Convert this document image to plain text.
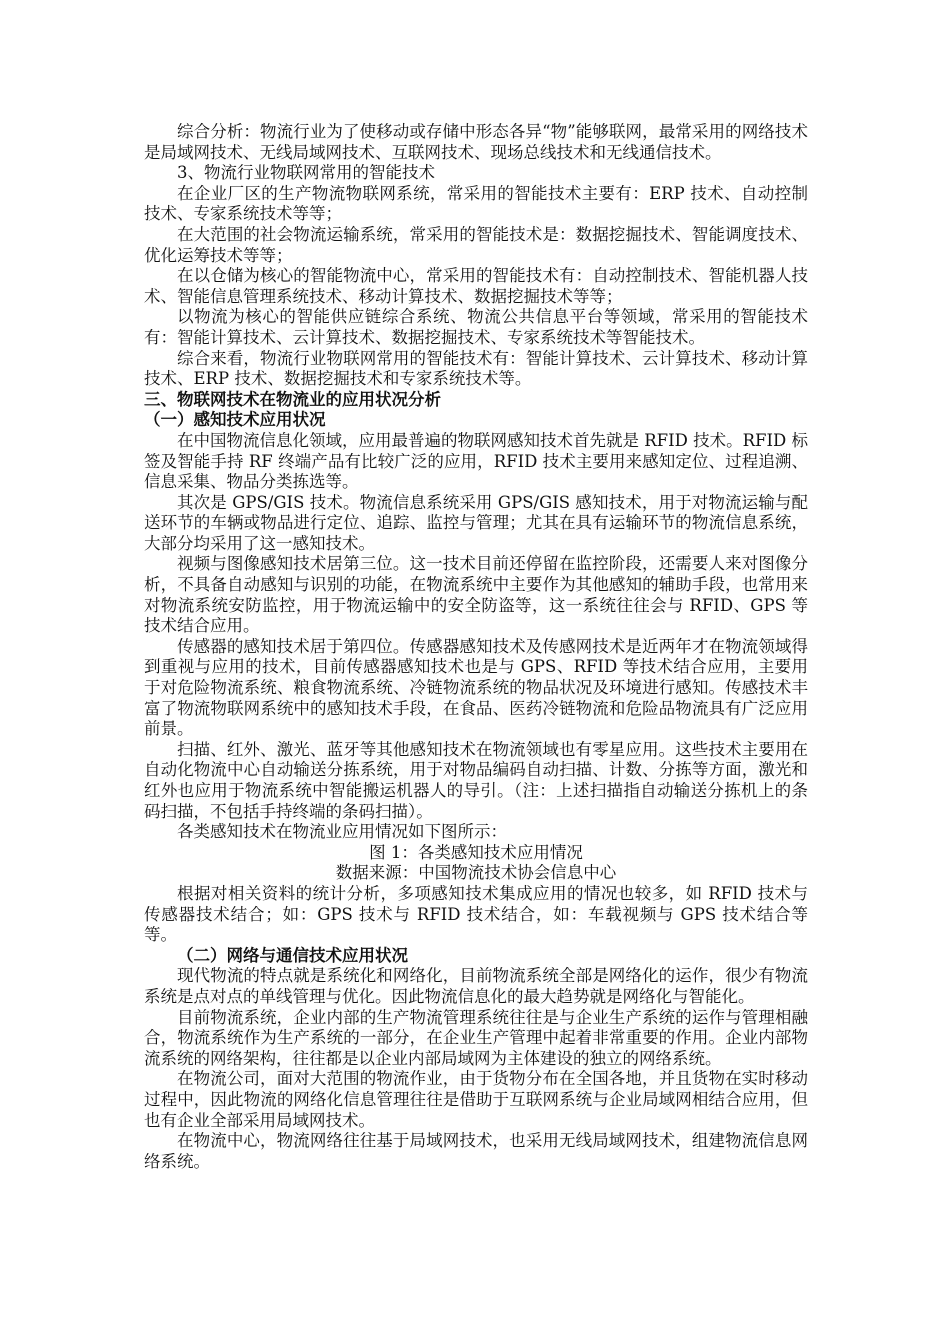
综合分析：物流行业为了使移动或存储中形态各异“物”能够联网，最常采用的网络技术是局域网技术、无线局域网技术、互联网技术、现场总线技术和无线通信技术。

3、物流行业物联网常用的智能技术

在企业厂区的生产物流物联网系统，常采用的智能技术主要有：ERP 技术、自动控制技术、专家系统技术等等；

在大范围的社会物流运输系统，常采用的智能技术是：数据挖掘技术、智能调度技术、优化运筹技术等等；

在以仓储为核心的智能物流中心，常采用的智能技术有：自动控制技术、智能机器人技术、智能信息管理系统技术、移动计算技术、数据挖掘技术等等；

以物流为核心的智能供应链综合系统、物流公共信息平台等领域，常采用的智能技术有：智能计算技术、云计算技术、数据挖掘技术、专家系统技术等智能技术。

综合来看，物流行业物联网常用的智能技术有：智能计算技术、云计算技术、移动计算技术、ERP 技术、数据挖掘技术和专家系统技术等。

三、物联网技术在物流业的应用状况分析

（一）感知技术应用状况

在中国物流信息化领域，应用最普遍的物联网感知技术首先就是 RFID 技术。RFID 标签及智能手持 RF 终端产品有比较广泛的应用，RFID 技术主要用来感知定位、过程追溯、信息采集、物品分类拣选等。

其次是 GPS/GIS 技术。物流信息系统采用 GPS/GIS 感知技术，用于对物流运输与配送环节的车辆或物品进行定位、追踪、监控与管理；尤其在具有运输环节的物流信息系统，大部分均采用了这一感知技术。

视频与图像感知技术居第三位。这一技术目前还停留在监控阶段，还需要人来对图像分析，不具备自动感知与识别的功能，在物流系统中主要作为其他感知的辅助手段，也常用来对物流系统安防监控，用于物流运输中的安全防盗等，这一系统往往会与 RFID、GPS 等技术结合应用。

传感器的感知技术居于第四位。传感器感知技术及传感网技术是近两年才在物流领域得到重视与应用的技术，目前传感器感知技术也是与 GPS、RFID 等技术结合应用，主要用于对危险物流系统、粮食物流系统、冷链物流系统的物品状况及环境进行感知。传感技术丰富了物流物联网系统中的感知技术手段，在食品、医药冷链物流和危险品物流具有广泛应用前景。

扫描、红外、激光、蓝牙等其他感知技术在物流领域也有零星应用。这些技术主要用在自动化物流中心自动输送分拣系统，用于对物品编码自动扫描、计数、分拣等方面，激光和红外也应用于物流系统中智能搬运机器人的导引。（注：上述扫描指自动输送分拣机上的条码扫描，不包括手持终端的条码扫描）。

各类感知技术在物流业应用情况如下图所示：

图 1：各类感知技术应用情况

数据来源：中国物流技术协会信息中心

根据对相关资料的统计分析，多项感知技术集成应用的情况也较多，如 RFID 技术与传感器技术结合；如：GPS 技术与 RFID 技术结合，如：车载视频与 GPS 技术结合等等。

（二）网络与通信技术应用状况

现代物流的特点就是系统化和网络化，目前物流系统全部是网络化的运作，很少有物流系统是点对点的单线管理与优化。因此物流信息化的最大趋势就是网络化与智能化。

目前物流系统，企业内部的生产物流管理系统往往是与企业生产系统的运作与管理相融合，物流系统作为生产系统的一部分，在企业生产管理中起着非常重要的作用。企业内部物流系统的网络架构，往往都是以企业内部局域网为主体建设的独立的网络系统。

在物流公司，面对大范围的物流作业，由于货物分布在全国各地，并且货物在实时移动过程中，因此物流的网络化信息管理往往是借助于互联网系统与企业局域网相结合应用，但也有企业全部采用局域网技术。

在物流中心，物流网络往往基于局域网技术，也采用无线局域网技术，组建物流信息网络系统。
